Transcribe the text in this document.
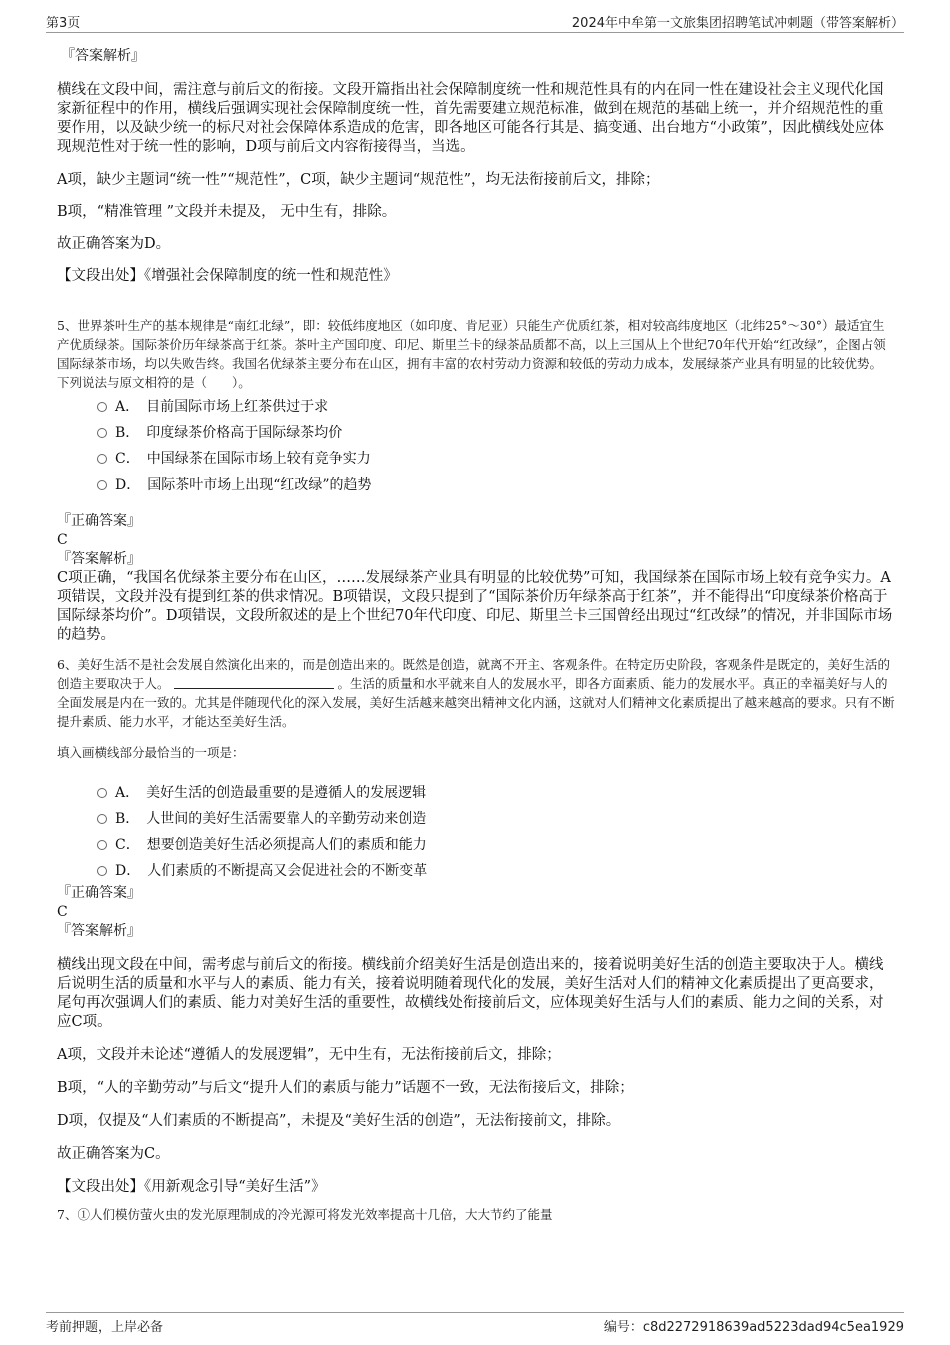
第3页	2024年中牟第一文旅集团招聘笔试冲刺题（带答案解析）

『答案解析』

横线在文段中间，需注意与前后文的衔接。文段开篇指出社会保障制度统一性和规范性具有的内在同一性在建设社会主义现代化国家新征程中的作用，横线后强调实现社会保障制度统一性，首先需要建立规范标准，做到在规范的基础上统一，并介绍规范性的重要作用，以及缺少统一的标尺对社会保障体系造成的危害，即各地区可能各行其是、搞变通、出台地方“小政策”，因此横线处应体现规范性对于统一性的影响，D项与前后文内容衔接得当，当选。

A项，缺少主题词“统一性”“规范性”，C项，缺少主题词“规范性”，均无法衔接前后文，排除；

B项，“精准管理 ”文段并未提及， 无中生有，排除。

故正确答案为D。

【文段出处】《增强社会保障制度的统一性和规范性》

5、世界茶叶生产的基本规律是“南红北绿”，即：较低纬度地区（如印度、肯尼亚）只能生产优质红茶，相对较高纬度地区（北纬25°～30°）最适宜生产优质绿茶。国际茶价历年绿茶高于红茶。茶叶主产国印度、印尼、斯里兰卡的绿茶品质都不高，以上三国从上个世纪70年代开始“红改绿”，企图占领国际绿茶市场，均以失败告终。我国名优绿茶主要分布在山区，拥有丰富的农村劳动力资源和较低的劳动力成本，发展绿茶产业具有明显的比较优势。

下列说法与原文相符的是（　　）。

A．　目前国际市场上红茶供过于求
B．　印度绿茶价格高于国际绿茶均价
C．　中国绿茶在国际市场上较有竞争实力
D．　国际茶叶市场上出现“红改绿”的趋势

『正确答案』

C

『答案解析』

C项正确，“我国名优绿茶主要分布在山区，……发展绿茶产业具有明显的比较优势”可知，我国绿茶在国际市场上较有竞争实力。A项错误，文段并没有提到红茶的供求情况。B项错误，文段只提到了“国际茶价历年绿茶高于红茶”，并不能得出“印度绿茶价格高于国际绿茶均价”。D项错误，文段所叙述的是上个世纪70年代印度、印尼、斯里兰卡三国曾经出现过“红改绿”的情况，并非国际市场的趋势。

6、美好生活不是社会发展自然演化出来的，而是创造出来的。既然是创造，就离不开主、客观条件。在特定历史阶段，客观条件是既定的，美好生活的创造主要取决于人。	。生活的质量和水平就来自人的发展水平，即各方面素质、能力的发展水平。真正的幸福美好与人的全面发展是内在一致的。尤其是伴随现代化的深入发展，美好生活越来越突出精神文化内涵，这就对人们精神文化素质提出了越来越高的要求。只有不断提升素质、能力水平，才能达至美好生活。

填入画横线部分最恰当的一项是：

A．　美好生活的创造最重要的是遵循人的发展逻辑
B．　人世间的美好生活需要靠人的辛勤劳动来创造
C．　想要创造美好生活必须提高人们的素质和能力
D．　人们素质的不断提高又会促进社会的不断变革

『正确答案』

C

『答案解析』

横线出现文段在中间，需考虑与前后文的衔接。横线前介绍美好生活是创造出来的，接着说明美好生活的创造主要取决于人。横线后说明生活的质量和水平与人的素质、能力有关，接着说明随着现代化的发展，美好生活对人们的精神文化素质提出了更高要求，尾句再次强调人们的素质、能力对美好生活的重要性，故横线处衔接前后文，应体现美好生活与人们的素质、能力之间的关系，对应C项。

A项，文段并未论述“遵循人的发展逻辑”，无中生有，无法衔接前后文，排除；

B项，“人的辛勤劳动”与后文“提升人们的素质与能力”话题不一致，无法衔接后文，排除；

D项，仅提及“人们素质的不断提高”，未提及“美好生活的创造”，无法衔接前文，排除。

故正确答案为C。

【文段出处】《用新观念引导“美好生活”》

7、①人们模仿萤火虫的发光原理制成的冷光源可将发光效率提高十几倍，大大节约了能量

考前押题，上岸必备	编号：c8d2272918639ad5223dad94c5ea1929
